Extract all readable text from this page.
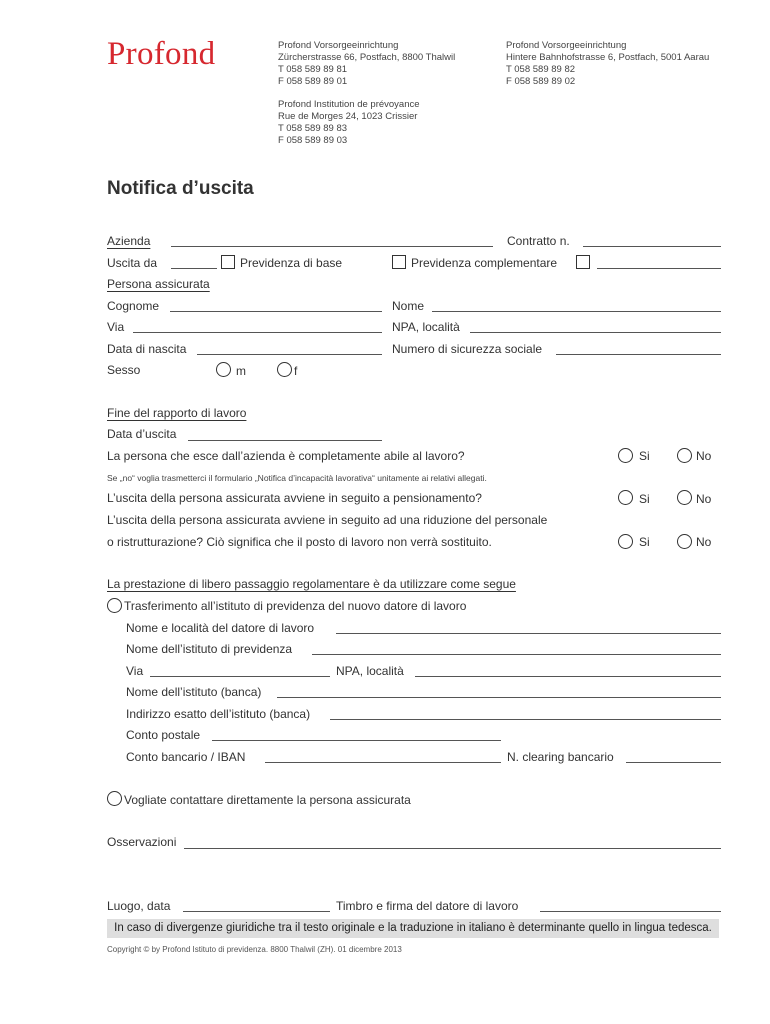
Profond	Profond Vorsorgeeinrichtung
Zürcherstrasse 66, Postfach, 8800 Thalwil
T 058 589 89 81
F 058 589 89 01
Profond Vorsorgeeinrichtung
Hintere Bahnhofstrasse 6, Postfach, 5001 Aarau
T 058 589 89 82
F 058 589 89 02
Profond Institution de prévoyance
Rue de Morges 24, 1023 Crissier
T 058 589 89 83
F 058 589 89 03
Notifica d’uscita
Azienda	Contratto n.
Uscita da	Previdenza di base	Previdenza complementare
Persona assicurata
Cognome	Nome
Via	NPA, località
Data di nascita	Numero di sicurezza sociale
Sesso	m	f
Fine del rapporto di lavoro
Data d’uscita
La persona che esce dall’azienda è completamente abile al lavoro?	Si	No
Se „no“ voglia trasmetterci il formulario „Notifica d’incapacità lavorativa“ unitamente ai relativi allegati.
L’uscita della persona assicurata avviene in seguito a pensionamento?	Si	No
L’uscita della persona assicurata avviene in seguito ad una riduzione del personale
o ristrutturazione? Ciò significa che il posto di lavoro non verrà sostituito.	Si	No
La prestazione di libero passaggio regolamentare è da utilizzare come segue
Trasferimento all’istituto di previdenza del nuovo datore di lavoro
Nome e località del datore di lavoro
Nome dell’istituto di previdenza
Via	NPA, località
Nome dell’istituto (banca)
Indirizzo esatto dell’istituto (banca)
Conto postale
Conto bancario / IBAN	N. clearing bancario
Vogliate contattare direttamente la persona assicurata
Osservazioni
Luogo, data	Timbro e firma del datore di lavoro
In caso di divergenze giuridiche tra il testo originale e la traduzione in italiano è determinante quello in lingua tedesca.
Copyright © by Profond Istituto di previdenza. 8800 Thalwil (ZH). 01 dicembre 2013
